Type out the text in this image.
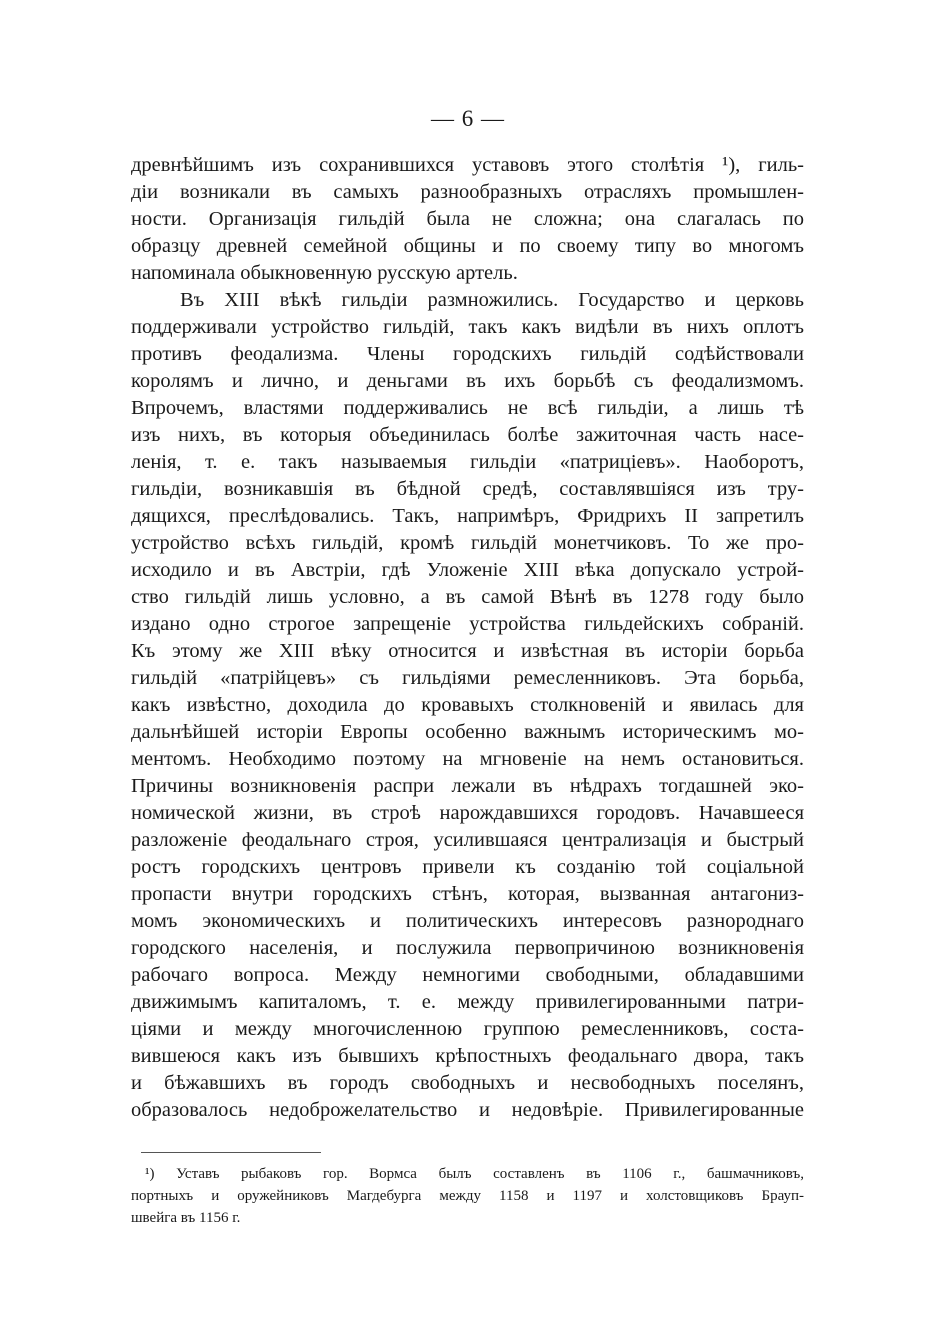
— 6 —
древнѣйшимъ изъ сохранившихся уставовъ этого столѣтія ¹), гиль-
діи возникали въ самыхъ разнообразныхъ отрасляхъ промышлен-
ности. Организація гильдій была не сложна; она слагалась по
образцу древней семейной общины и по своему типу во многомъ
напоминала обыкновенную русскую артель.
Въ XIII вѣкѣ гильдіи размножились. Государство и церковь
поддерживали устройство гильдій, такъ какъ видѣли въ нихъ оплотъ
противъ феодализма. Члены городскихъ гильдій содѣйствовали
королямъ и лично, и деньгами въ ихъ борьбѣ съ феодализмомъ.
Впрочемъ, властями поддерживались не всѣ гильдіи, а лишь тѣ
изъ нихъ, въ которыя объединилась болѣе зажиточная часть насе-
ленія, т. е. такъ называемыя гильдіи «патриціевъ». Наоборотъ,
гильдіи, возникавшія въ бѣдной средѣ, составлявшіяся изъ тру-
дящихся, преслѣдовались. Такъ, напримѣръ, Фридрихъ II запретилъ
устройство всѣхъ гильдій, кромѣ гильдій монетчиковъ. То же про-
исходило и въ Австріи, гдѣ Уложеніе XIII вѣка допускало устрой-
ство гильдій лишь условно, а въ самой Вѣнѣ въ 1278 году было
издано одно строгое запрещеніе устройства гильдейскихъ собраній.
Къ этому же XIII вѣку относится и извѣстная въ исторіи борьба
гильдій «патрійцевъ» съ гильдіями ремесленниковъ. Эта борьба,
какъ извѣстно, доходила до кровавыхъ столкновеній и явилась для
дальнѣйшей исторіи Европы особенно важнымъ историческимъ мо-
ментомъ. Необходимо поэтому на мгновеніе на немъ остановиться.
Причины возникновенія распри лежали въ нѣдрахъ тогдашней эко-
номической жизни, въ строѣ нарождавшихся городовъ. Начавшееся
разложеніе феодальнаго строя, усилившаяся централизація и быстрый
ростъ городскихъ центровъ привели къ созданію той соціальной
пропасти внутри городскихъ стѣнъ, которая, вызванная антагониз-
момъ экономическихъ и политическихъ интересовъ разнороднаго
городского населенія, и послужила первопричиною возникновенія
рабочаго вопроса. Между немногими свободными, обладавшими
движимымъ капиталомъ, т. е. между привилегированными патри-
ціями и между многочисленною группою ремесленниковъ, соста-
вившеюся какъ изъ бывшихъ крѣпостныхъ феодальнаго двора, такъ
и бѣжавшихъ въ городъ свободныхъ и несвободныхъ поселянъ,
образовалось недоброжелательство и недовѣріе. Привилегированные
¹) Уставъ рыбаковъ гор. Вормса былъ составленъ въ 1106 г., башмачниковъ,
портныхъ и оружейниковъ Магдебурга между 1158 и 1197 и холстовщиковъ Брауп-
швейга въ 1156 г.
